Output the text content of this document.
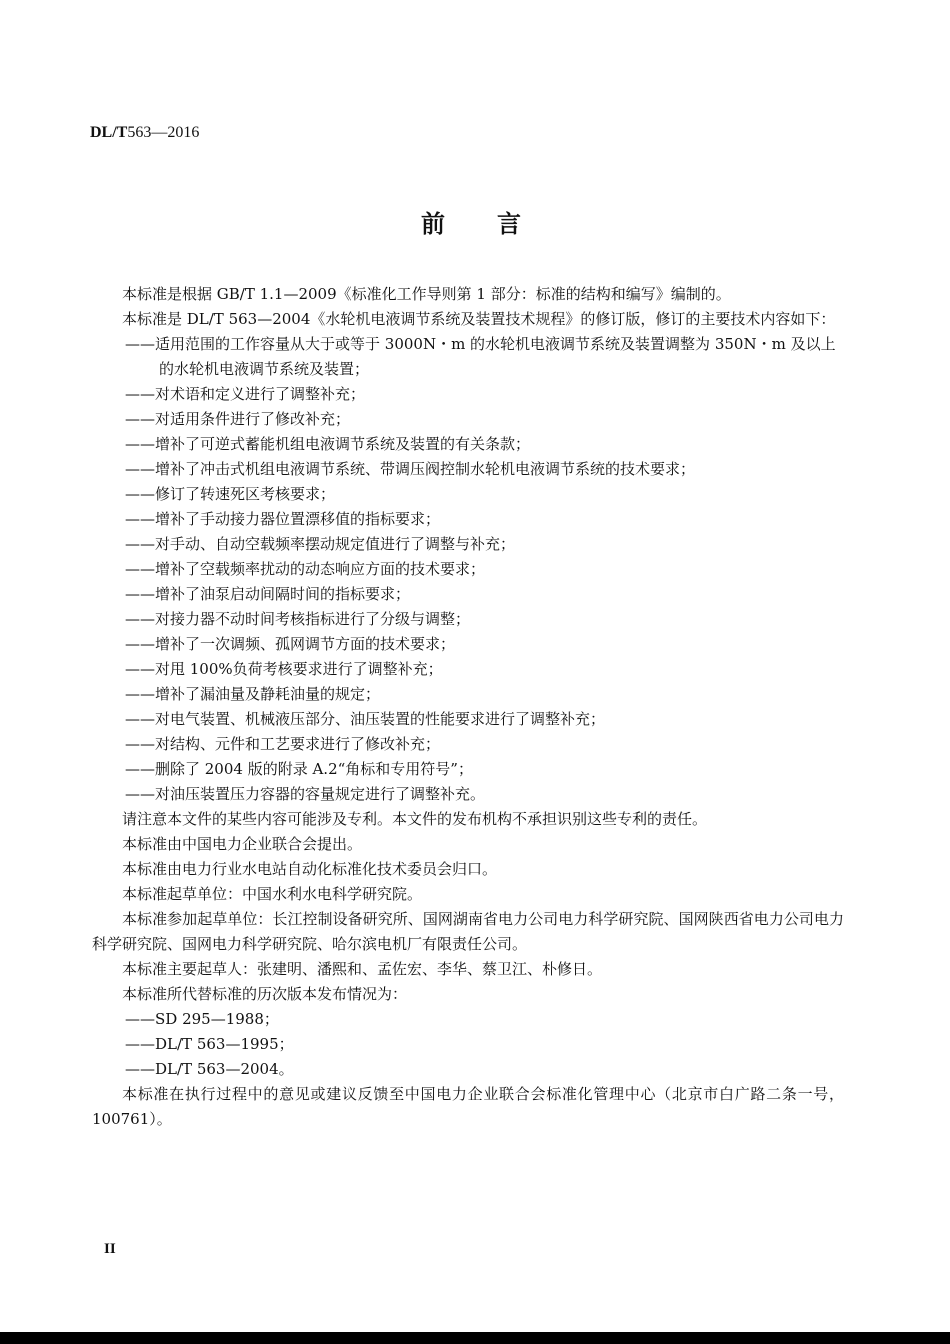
DL/T563—2016
前言

本标准是根据 GB/T 1.1—2009《标准化工作导则第 1 部分：标准的结构和编写》编制的。

本标准是 DL/T 563—2004《水轮机电液调节系统及装置技术规程》的修订版，修订的主要技术内容如下：

——适用范围的工作容量从大于或等于 3000N・m 的水轮机电液调节系统及装置调整为 350N・m 及以上的水轮机电液调节系统及装置；

——对术语和定义进行了调整补充；

——对适用条件进行了修改补充；

——增补了可逆式蓄能机组电液调节系统及装置的有关条款；

——增补了冲击式机组电液调节系统、带调压阀控制水轮机电液调节系统的技术要求；

——修订了转速死区考核要求；

——增补了手动接力器位置漂移值的指标要求；

——对手动、自动空载频率摆动规定值进行了调整与补充；

——增补了空载频率扰动的动态响应方面的技术要求；

——增补了油泵启动间隔时间的指标要求；

——对接力器不动时间考核指标进行了分级与调整；

——增补了一次调频、孤网调节方面的技术要求；

——对甩 100%负荷考核要求进行了调整补充；

——增补了漏油量及静耗油量的规定；

——对电气装置、机械液压部分、油压装置的性能要求进行了调整补充；

——对结构、元件和工艺要求进行了修改补充；

——删除了 2004 版的附录 A.2“角标和专用符号”；

——对油压装置压力容器的容量规定进行了调整补充。

请注意本文件的某些内容可能涉及专利。本文件的发布机构不承担识别这些专利的责任。

本标准由中国电力企业联合会提出。

本标准由电力行业水电站自动化标准化技术委员会归口。

本标准起草单位：中国水利水电科学研究院。

本标准参加起草单位：长江控制设备研究所、国网湖南省电力公司电力科学研究院、国网陕西省电力公司电力科学研究院、国网电力科学研究院、哈尔滨电机厂有限责任公司。

本标准主要起草人：张建明、潘熙和、孟佐宏、李华、蔡卫江、朴修日。

本标准所代替标准的历次版本发布情况为：

——SD 295—1988；

——DL/T 563—1995；

——DL/T 563—2004。

本标准在执行过程中的意见或建议反馈至中国电力企业联合会标准化管理中心（北京市白广路二条一号，100761）。

II
